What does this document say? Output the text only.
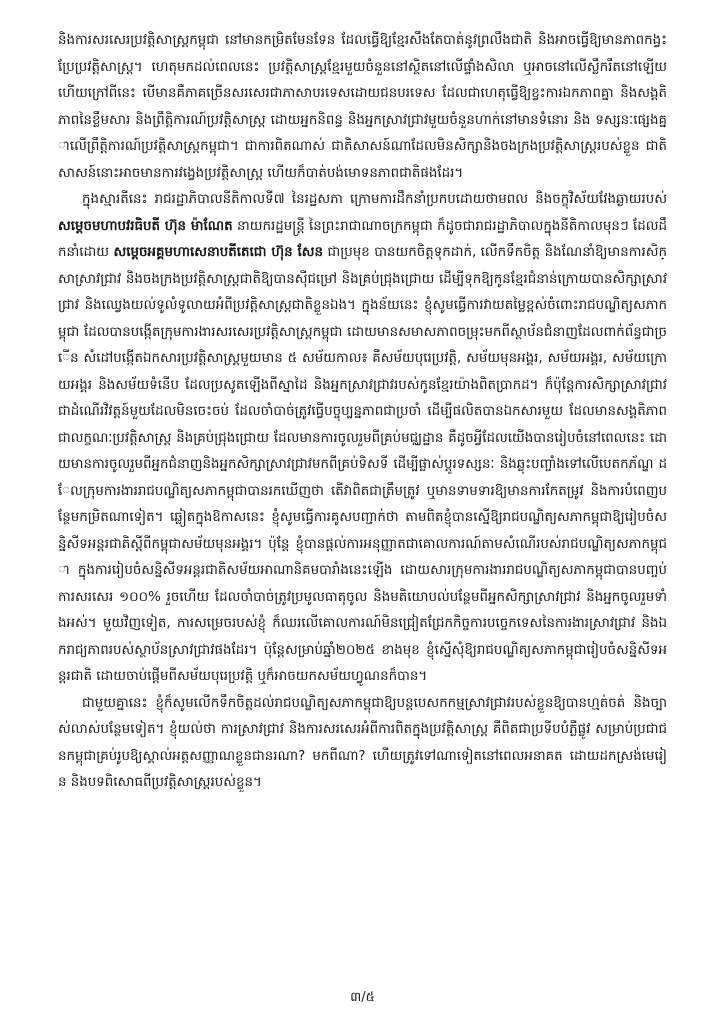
និងការសរសេរប្រវត្តិសាស្ត្រកម្ពុជា នៅមានកម្រិតមែនទែន ដែលធ្វើឱ្យខ្មែរសឹងតែបាត់នូវព្រលឹងជាតិ និងអាចធ្វើឱ្យមានភាពកង្វះប្រែប្រវត្តិសាស្ត្រ។ ហេតុមកដល់ពេលនេះ ប្រវត្តិសាស្ត្រខ្មែរមួយចំនួននៅស្ថិតនៅលើផ្ទាំងសិលា ឬអាចនៅលើស្លឹករឹតនៅឡើយ ហើយក្រៅពីនេះ បើមានគឺភាគច្រើនសរសេរជាភាសាបរទេសដោយជនបរទេស ដែលជាហេតុធ្វើឱ្យខ្វះការឯកភាពគ្នា និងសង្គតិភាពនៃខ្លឹមសារ និងព្រឹត្តិការណ៍ប្រវត្តិសាស្ត្រ ដោយអ្នកនិពន្ធ និងអ្នកស្រាវជ្រាវមួយចំនួនហាក់នៅមានទំនោរ និង ទស្សនៈផ្សេងគ្នាលើព្រឹត្តិការណ៍ប្រវត្តិសាស្ត្រកម្ពុជា។ ជាការពិតណាស់ ជាតិសាសន៍ណាដែលមិនសិក្សានិងចងក្រងប្រវត្តិសាស្ត្ររបស់ខ្លួន ជាតិសាសន៍នោះអាចមានការវង្វេងប្រវត្តិសាស្ត្រ ហើយក៏បាត់បង់មោទនភាពជាតិផងដែរ។

ក្នុងស្មារតីនេះ រាជរដ្ឋាភិបាលនីតិកាលទី៧ នៃរដ្ឋសភា ក្រោមការដឹកនាំប្រកបដោយថាមពល និងចក្ខុវិស័យវែងឆ្ងាយរបស់ សម្តេចមហាបវរធិបតី ហ៊ុន ម៉ាណែត នាយករដ្ឋមន្ត្រី នៃព្រះរាជាណាចក្រកម្ពុជា ក៏ដូចជារាជរដ្ឋាភិបាលក្នុងនីតិកាលមុនៗ ដែលដឹកនាំដោយ សម្តេចអគ្គមហាសេនាបតីតេជោ ហ៊ុន សែន ជាប្រមុខ បានយកចិត្តទុកដាក់, លើកទឹកចិត្ត និងណែនាំឱ្យមានការសិក្សាស្រាវជ្រាវ និងចងក្រងប្រវត្តិសាស្ត្រជាតិឱ្យបានស៊ីជម្រៅ និងគ្រប់ជ្រុងជ្រោយ ដើម្បីទុកឱ្យកូនខ្មែរជំនាន់ក្រោយបានសិក្សាស្រាវជ្រាវ និងឈ្វេងយល់ទូលំទូលាយអំពីប្រវត្តិសាស្ត្រជាតិខ្លួនឯង។ ក្នុងន័យនេះ ខ្ញុំសូមធ្វើការវាយតម្លៃខ្ពស់ចំពោះរាជបណ្ឌិត្យសភាកម្ពុជា ដែលបានបង្កើតក្រុមការងារសរសេរប្រវត្តិសាស្ត្រកម្ពុជា ដោយមានសមាសភាពចម្រុះមកពីស្ថាប័នជំនាញដែលពាក់ព័ន្ធជាច្រើន សំដៅបង្កើតឯកសារប្រវត្តិសាស្ត្រមួយមាន ៥ សម័យកាល៖ គឺសម័យបុរេប្រវត្តិ, សម័យមុនអង្គរ, សម័យអង្គរ, សម័យក្រោយអង្គរ និងសម័យទំនើប ដែលប្រសូតឡើងពីស្នាដៃ និងអ្នកស្រាវជ្រាវរបស់កូនខ្មែរយ៉ាងពិតប្រាកដ។ ក៏ប៉ុន្តែការសិក្សាស្រាវជ្រាវ ជាដំណើរវិវត្តន៍មួយដែលមិនចេះចប់ ដែលចាំបាច់ត្រូវធ្វើបច្ចុប្បន្នភាពជាប្រចាំ ដើម្បីផលិតបានឯកសារមួយ ដែលមានសង្គតិភាពជាលក្ខណៈប្រវត្តិសាស្ត្រ និងគ្រប់ជ្រុងជ្រោយ ដែលមានការចូលរួមពីគ្រប់មជ្ឈដ្ឋាន គឺដូចអ្វីដែលយើងបានរៀបចំនៅពេលនេះ ដោយមានការចូលរួមពីអ្នកជំនាញនិងអ្នកសិក្សាស្រាវជ្រាវមកពីគ្រប់ទិសទី ដើម្បីផ្លាស់ប្តូរទស្សនៈ និងឆ្លុះបញ្ចាំងទៅលើបេតកភ័ណ្ឌ ដែលក្រុមការងាររាជបណ្ឌិត្យសភាកម្ពុជាបានរកឃើញថា តើវាពិតជាត្រឹមត្រូវ ឬមានទាមទារឱ្យមានការកែតម្រូវ និងការបំពេញបន្ថែមកម្រិតណាទៀត។ ឆ្លៀតក្នុងឱកាសនេះ ខ្ញុំសូមធ្វើការគូសបញ្ជាក់ថា តាមពិតខ្ញុំបានស្នើឱ្យរាជបណ្ឌិត្យសភាកម្ពុជាឱ្យរៀបចំសន្និសីទអន្តរជាតិស្តីពីកម្ពុជាសម័យមុនអង្គរ។ ប៉ុន្តែ ខ្ញុំបានផ្តល់ការអនុញ្ញាតជាគោលការណ៍តាមសំណើរបស់រាជបណ្ឌិត្យសភាកម្ពុជា ក្នុងការរៀបចំសន្និសីទអន្តរជាតិសម័យអាណានិគមបារាំងនេះឡើង ដោយសារក្រុមការងាររាជបណ្ឌិត្យសភាកម្ពុជាបានបញ្ចប់ការសរសេរ ១០០% រួចហើយ ដែលចាំបាច់ត្រូវប្រមូលធាតុចូល និងមតិយោបល់បន្ថែមពីអ្នកសិក្សាស្រាវជ្រាវ និងអ្នកចូលរួមទាំងអស់។ មួយវិញទៀត, ការសម្រេចរបស់ខ្ញុំ ក៏ឈរលើគោលការណ៍មិនជ្រៀតជ្រែកកិច្ចការបច្ចេកទេសនៃការងារស្រាវជ្រាវ និងឯករាជ្យភាពរបស់ស្ថាប័នស្រាវជ្រាវផងដែរ។ ប៉ុន្តែសម្រាប់ឆ្នាំ២០២៥ ខាងមុខ ខ្ញុំស្នើសុំឱ្យរាជបណ្ឌិត្យសភាកម្ពុជារៀបចំសន្និសីទអន្តរជាតិ ដោយចាប់ផ្តើមពីសម័យបុរេប្រវត្តិ ឬក៏អាចយកសម័យហ្វូណនក៏បាន។

ជាមួយគ្នានេះ ខ្ញុំក៏សូមលើកទឹកចិត្តដល់រាជបណ្ឌិត្យសភាកម្ពុជាឱ្យបន្តបេសកកម្មស្រាវជ្រាវរបស់ខ្លួនឱ្យបានហ្មត់ចត់ និងច្បាស់លាស់បន្ថែមទៀត។ ខ្ញុំយល់ថា ការស្រាវជ្រាវ និងការសរសេរអំពីការពិតក្នុងប្រវត្តិសាស្ត្រ គឺពិតជាប្រទីបបំភ្លឺផ្លូវ សម្រាប់ប្រជាជនកម្ពុជាគ្រប់រូបឱ្យស្គាល់អត្តសញ្ញាណខ្លួនជានរណា? មកពីណា? ហើយត្រូវទៅណាទៀតនៅពេលអនាគត ដោយដកស្រង់មេរៀន និងបទពិសោធពីប្រវត្តិសាស្ត្ររបស់ខ្លួន។

៣/៥
